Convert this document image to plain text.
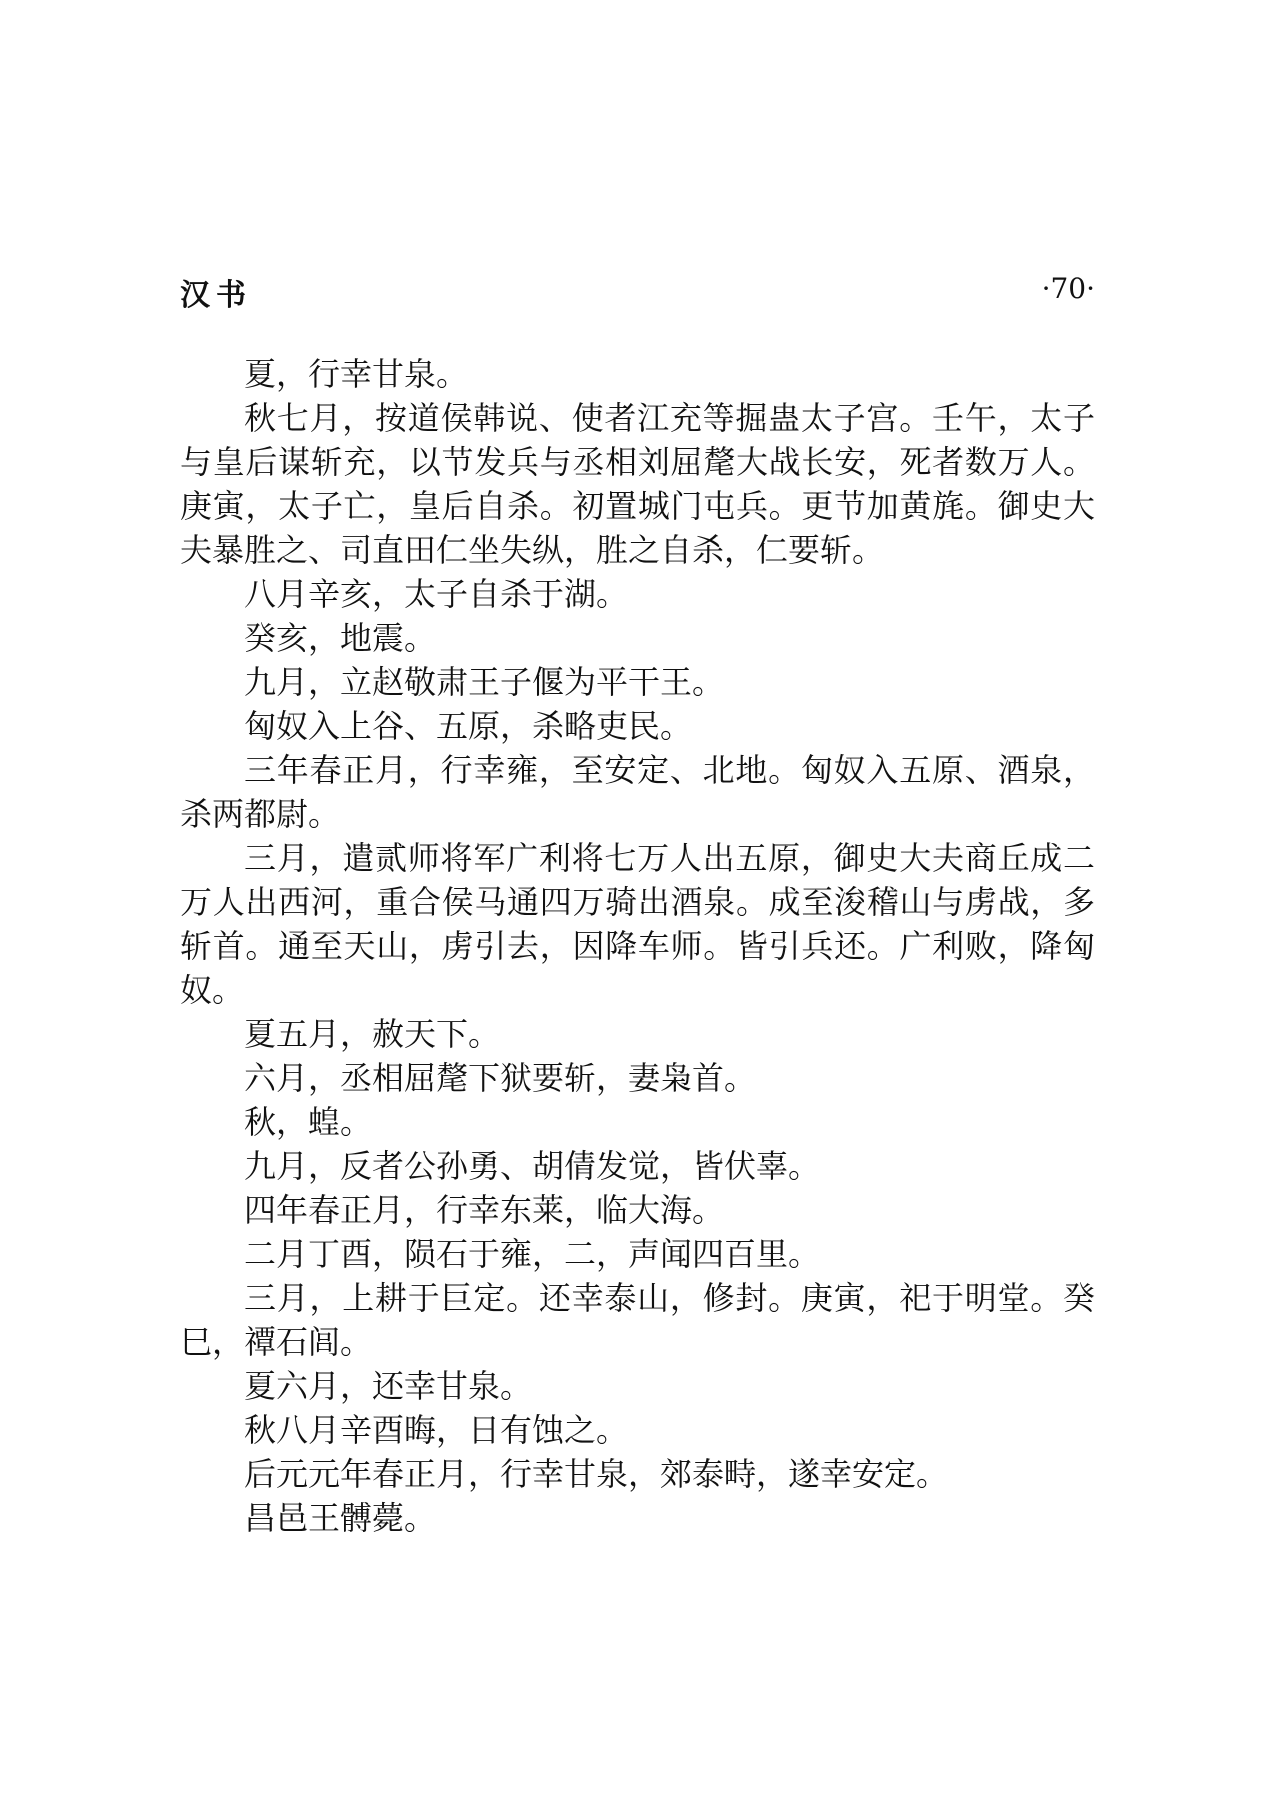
汉书	·70·

夏，行幸甘泉。

秋七月，按道侯韩说、使者江充等掘蛊太子宫。壬午，太子与皇后谋斩充，以节发兵与丞相刘屈氂大战长安，死者数万人。庚寅，太子亡，皇后自杀。初置城门屯兵。更节加黄旄。御史大夫暴胜之、司直田仁坐失纵，胜之自杀，仁要斩。

八月辛亥，太子自杀于湖。

癸亥，地震。

九月，立赵敬肃王子偃为平干王。

匈奴入上谷、五原，杀略吏民。

三年春正月，行幸雍，至安定、北地。匈奴入五原、酒泉，杀两都尉。

三月，遣贰师将军广利将七万人出五原，御史大夫商丘成二万人出西河，重合侯马通四万骑出酒泉。成至浚稽山与虏战，多斩首。通至天山，虏引去，因降车师。皆引兵还。广利败，降匈奴。

夏五月，赦天下。

六月，丞相屈氂下狱要斩，妻枭首。

秋，蝗。

九月，反者公孙勇、胡倩发觉，皆伏辜。

四年春正月，行幸东莱，临大海。

二月丁酉，陨石于雍，二，声闻四百里。

三月，上耕于巨定。还幸泰山，修封。庚寅，祀于明堂。癸巳，禫石闾。

夏六月，还幸甘泉。

秋八月辛酉晦，日有蚀之。

后元元年春正月，行幸甘泉，郊泰畤，遂幸安定。

昌邑王髆薨。
